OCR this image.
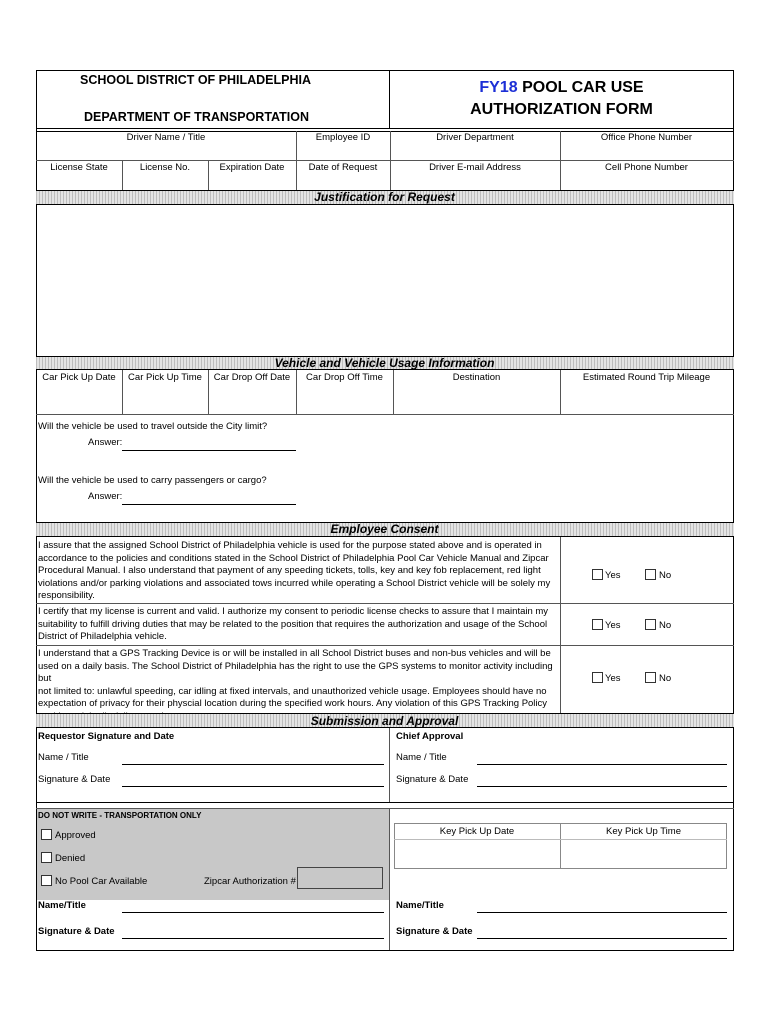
SCHOOL DISTRICT OF PHILADELPHIA
DEPARTMENT OF TRANSPORTATION
FY18 POOL CAR USE
AUTHORIZATION FORM
Driver Name / Title	Employee ID	Driver Department	Office Phone Number
License State	License No.	Expiration Date	Date of Request	Driver E-mail Address	Cell Phone Number
Justification for Request
Vehicle and Vehicle Usage Information
Car Pick Up Date	Car Pick Up Time	Car Drop Off Date	Car Drop Off Time	Destination	Estimated Round Trip Mileage
Will the vehicle be used to travel outside the City limit?
Answer:
Will the vehicle be used to carry passengers or cargo?
Answer:
Employee Consent
I assure that the assigned School District of Philadelphia vehicle is used for the purpose stated above and is operated in
accordance to the policies and conditions stated in the School District of Philadelphia Pool Car Vehicle Manual and Zipcar
Procedural Manual. I also understand that payment of any speeding tickets, tolls, key and key fob replacement, red light
violations and/or parking violations and associated tows incurred while operating a School District vehicle will be solely my
responsibility.
Yes	No
I certify that my license is current and valid. I authorize my consent to periodic license checks to assure that I maintain my
suitability to fulfill driving duties that may be related to the position that requires the authorization and usage of the School
District of Philadelphia vehicle.
Yes	No
I understand that a GPS Tracking Device is or will be installed in all School District buses and non-bus vehicles and will be
used on a daily basis. The School District of Philadelphia has the right to use the GPS systems to monitor activity including but
not limited to: unlawful speeding, car idling at fixed intervals, and unauthorized vehicle usage. Employees should have no
expectation of privacy for their physcial location during the specified work hours. Any violation of this GPS Tracking Policy
Yes	No
Submission and Approval
Requestor Signature and Date	Chief Approval
Name / Title
Signature & Date
Name / Title
Signature & Date
DO NOT WRITE - TRANSPORTATION ONLY
Approved
Denied
No Pool Car Available	Zipcar Authorization #
Key Pick Up Date	Key Pick Up Time
Name/Title
Signature & Date
Name/Title
Signature & Date
